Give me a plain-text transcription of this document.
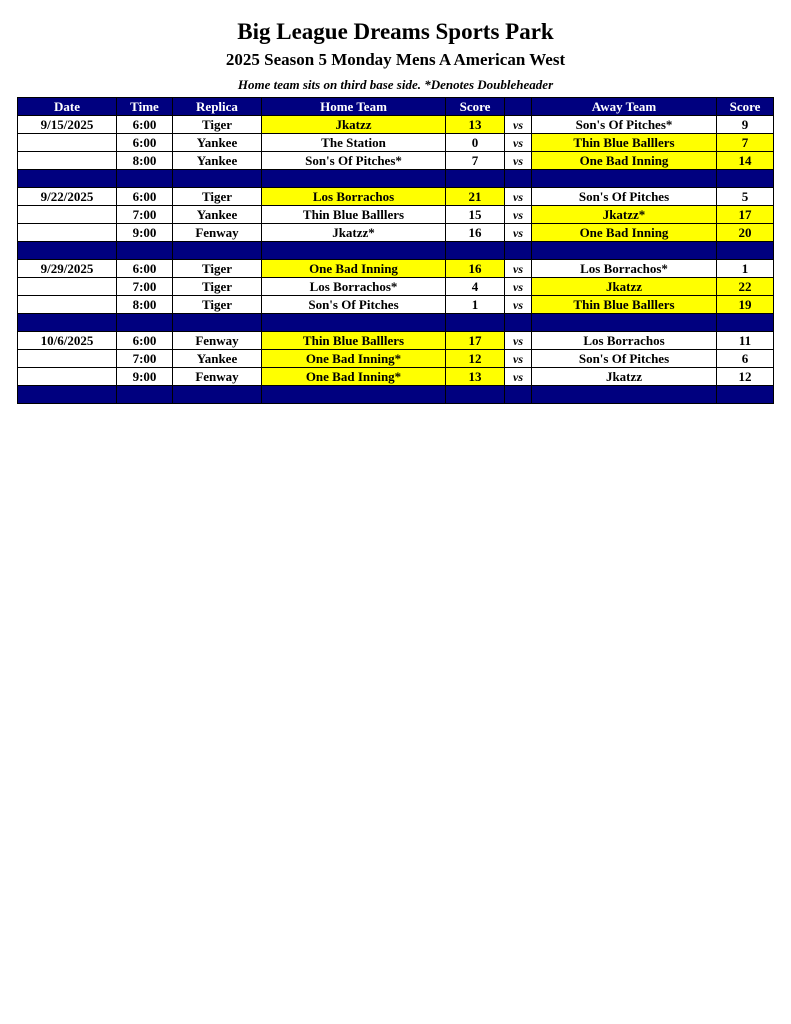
Big League Dreams Sports Park
2025 Season 5 Monday Mens A American West
Home team sits on third base side. *Denotes Doubleheader
Date	Time	Replica	Home Team	Score		Away Team	Score
9/15/2025	6:00	Tiger	Jkatzz	13	vs	Son's Of Pitches*	9
	6:00	Yankee	The Station	0	vs	Thin Blue Balllers	7
	8:00	Yankee	Son's Of Pitches*	7	vs	One Bad Inning	14

9/22/2025	6:00	Tiger	Los Borrachos	21	vs	Son's Of Pitches	5
	7:00	Yankee	Thin Blue Balllers	15	vs	Jkatzz*	17
	9:00	Fenway	Jkatzz*	16	vs	One Bad Inning	20

9/29/2025	6:00	Tiger	One Bad Inning	16	vs	Los Borrachos*	1
	7:00	Tiger	Los Borrachos*	4	vs	Jkatzz	22
	8:00	Tiger	Son's Of Pitches	1	vs	Thin Blue Balllers	19

10/6/2025	6:00	Fenway	Thin Blue Balllers	17	vs	Los Borrachos	11
	7:00	Yankee	One Bad Inning*	12	vs	Son's Of Pitches	6
	9:00	Fenway	One Bad Inning*	13	vs	Jkatzz	12
